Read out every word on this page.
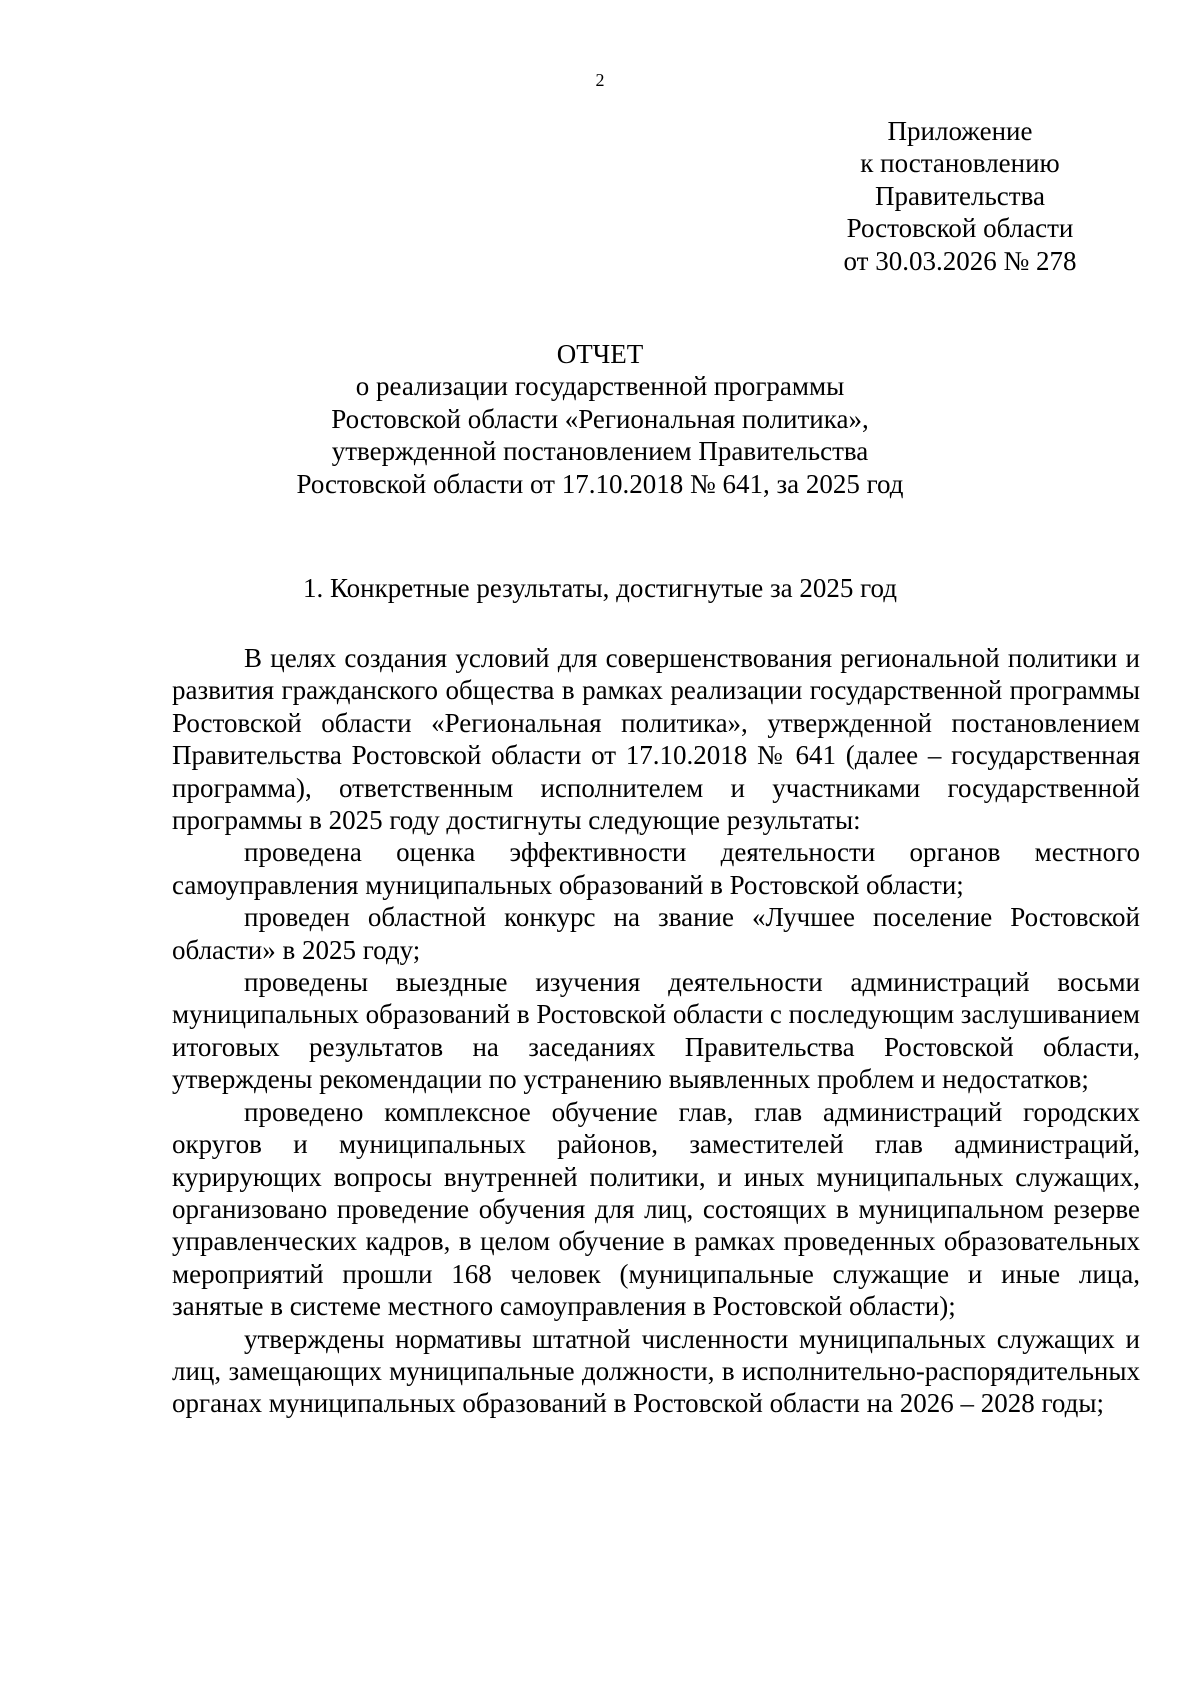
2

Приложение
к постановлению
Правительства
Ростовской области
от 30.03.2026 № 278
ОТЧЕТ
о реализации государственной программы
Ростовской области «Региональная политика»,
утвержденной постановлением Правительства
Ростовской области от 17.10.2018 № 641, за 2025 год
1. Конкретные результаты, достигнутые за 2025 год

В целях создания условий для совершенствования региональной политики и развития гражданского общества в рамках реализации государственной программы Ростовской области «Региональная политика», утвержденной постановлением Правительства Ростовской области от 17.10.2018 № 641 (далее – государственная программа), ответственным исполнителем и участниками государственной программы в 2025 году достигнуты следующие результаты:

проведена оценка эффективности деятельности органов местного самоуправления муниципальных образований в Ростовской области;

проведен областной конкурс на звание «Лучшее поселение Ростовской области» в 2025 году;

проведены выездные изучения деятельности администраций восьми муниципальных образований в Ростовской области с последующим заслушиванием итоговых результатов на заседаниях Правительства Ростовской области, утверждены рекомендации по устранению выявленных проблем и недостатков;

проведено комплексное обучение глав, глав администраций городских округов и муниципальных районов, заместителей глав администраций, курирующих вопросы внутренней политики, и иных муниципальных служащих, организовано проведение обучения для лиц, состоящих в муниципальном резерве управленческих кадров, в целом обучение в рамках проведенных образовательных мероприятий прошли 168 человек (муниципальные служащие и иные лица, занятые в системе местного самоуправления в Ростовской области);

утверждены нормативы штатной численности муниципальных служащих и лиц, замещающих муниципальные должности, в исполнительно-распорядительных органах муниципальных образований в Ростовской области на 2026 – 2028 годы;
